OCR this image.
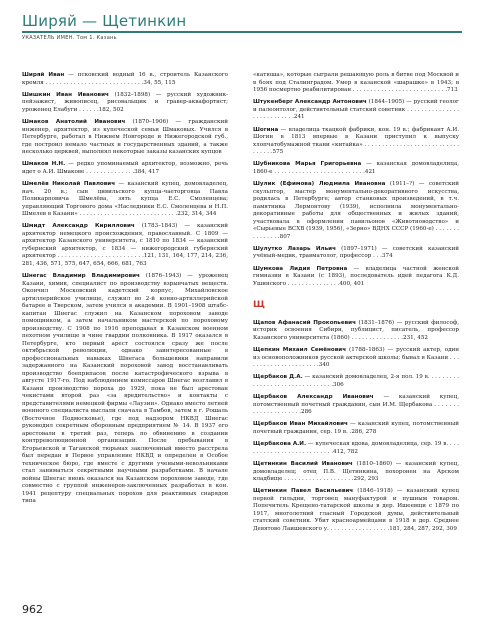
Ширяй — Щетинкин
УКАЗАТЕЛЬ ИМЕН. Том 1. Казань

Ширяй Иван — псковский водный 16 в., строитель Казанского кремля . . . . . . . . . . . . . . . . . . . . . . . . . . . .34, 55, 115

Шишкин Иван Иванович (1832–1898) — русский художник-пейзажист, живописец, рисовальщик и гравер-аквафортист; уроженец Елабуги . . . . . .182, 502

Шмаков Анатолий Иванович (1870–1906) — гражданский инженер, архитектор, из купеческой семьи Шмаковых. Учился в Петербурге, работал в Нижнем Новгороде и Нижегородской губ., где построил немало частных и государственных зданий, а также несколько церквей, выполнял некоторые заказы казанских купцов

Шмаков Н.Н. — редко упоминаемый архитектор, возможно, речь идет о А.И. Шмакове . . . . . . . . . . . . . .384, 417

Шмелёв Николай Павлович — казанский купец, домовладелец, нач. 20 в.; сын цивильского купца-чаеторговца Павла Поликарповича Шмелёва, зять купца Е.С. Смоленцева; управляющий Торгового дома «Наследники Е.С. Смоленцева и Н.П. Шмелев в Казани» . . . . . . . . . . . . . . . . . . . . . . . . . . . .232, 314, 344

Шмидт Александр Кириллович (1783–1843) — казанский архитектор немецкого происхождения, православный. С 1809 — архитектор Казанского университета, с 1810 по 1834 — казанский губернский архитектор, с 1834 — нижегородский губернский архитектор . . . . . . . . . . . . . . . . . . . . . . . .121, 131, 164, 177, 214, 236, 281, 436, 571, 575, 647, 654, 666, 681, 763

Шнегас Владимир Владимирович (1876–1943) — уроженец Казани, химик, специалист по производству взрывчатых веществ. Окончил Московский кадетский корпус, Михайловское артиллерийское училище, служил во 2-й конно-артиллерийской батарее в Тверском, затем учился в академии. В 1901–1908 штабс-капитан Шнегас служил на Казанском пороховом заводе помощником, а затем начальником мастерской по пороховому производству. С 1908 по 1916 преподавал в Казанском военном пехотном училище в чине гвардии полковника. В 1917 оказался в Петербурге, кто первый арест состоялся сразу же после октябрьской революции, однако заинтересованные в профессиональных навыках Шнегаса большевики направили задержанного на Казанский пороховой завод восстанавливать производство боеприпасов после катастрофического взрыва в августе 1917-го. Под наблюдением комиссаров Шнегас возглавил в Казани производство пороха до 1929, пока не был арестован чекистами второй раз «за вредительство» и контакты с представителями немецкой фирмы «Лаузин». Однако вместо летней военного специалиста выслали сначала в Тамбов, затем в г. Рошаль (Восточное Подмосковье), где под надзором НКВД Шнегас руководил секретным оборонным предприятием № 14. В 1937 его арестовали в третий раз, теперь по обвинению в создании контрреволюционной организации. После пребывания в Егорьевской и Таганской тюрьмах заключенный вместо расстрела был передан в Первое управление НКВД и определен в Особое техническое бюро, где вместе с другими учеными-невольниками стал заниматься секретными научными разработками. В начале войны Шнегас вновь оказался на Казанском пороховом заводе, где совместно с группой инженеров-заключенных разработал в кон. 1941 рецептуру специальных порохов для реактивных снарядов типа

«катюша», которые сыграли решающую роль в битве под Москвой и в боях под Сталинградом. Умер в казанской «шарашке» в 1943; в 1956 посмертно реабилитирован . . . . . . . . . . . . . . . . . . . . . . . . . . .713

Штукенберг Александр Антонович (1844–1905) — русский геолог и палеонтолог, действительный статский советник . . . . . . . . . . . . . . . . . . . . . . . . . . .241

Шогина — владелица ткацкой фабрики, кон. 19 в.; фабрикант А.И. Шогин в 1813 впервые в Казани приступил к выпуску хлопчатобумажной ткани «китайка» . . . . . . . . . . . . . . . . . . . . . . . . . . . . . . . . .575

Шубникова Марья Григорьевна — казанская домовладелица, 1860-е . . . . . . . . . . . . . . . . . . . . . . . . . .421

Шулик (Ефимова) Людмила Ивановна (1911–?) — советский скульптор, мастер монументально-декоративного искусства, родилась в Петербурге; автор станковых произведений, в т.ч. памятника Лермонтову (1939), исполнила монументально-декоративные работы для общественных и жилых зданий, участвовала в оформлении павильонов «Животноводство» и «Сырьевые ВСХВ (1939, 1956), «Зерно» ВДНХ СССР (1960-е) . . . . . . . . . . . . . . .807

Шулутко Лазарь Ильич (1897–1971) — советский казанский учёный-медик, травматолог, профессор . . .374

Шумкова Лидия Петровна — владелица частной женской гимназии в Казани (с 1893), последователь идей педагога К.Д. Ушинского . . . . . . . . . . . . . . .400, 401

Щ

Щапов Афанасий Прокопьевич (1831–1876) — русский философ, историк освоения Сибири, публицист, писатель, профессор Казанского университета (1860) . . . . . . . . . . . . . . .231, 452

Щепкин Михаил Семёнович (1788–1863) — русский актер, один из основоположников русской актерской школы; бывал в Казани . . . . . . . . . . . . . . . . . . . . . .340

Щербаков Д.А. — казанский домовладелец, 2-я пол. 19 в. . . . . . . . . . . . . . . . . . . . . . . . . . . . . . . .306

Щербаков Александр Иванович — казанский купец, потомственный почетный гражданин, сын И.М. Щербакова . . . . . . . . . . . . . . . . . . . . .286

Щербаков Иван Михайлович — казанский купец, потомственный почетный гражданин, сер. 19 в. .286, 278

Щербакова А.И. — купеческая вдова, домовладелица, сер. 19 в. . . . . . . . . . . . . . . . . . . . . . . . . . .412, 782

Щетинкин Василий Иванович (1810–1860) — казанский купец, домовладелец; отец П.В. Щетинкина, похоронен на Арском кладбище . . . . . . . . . . . . . . . . . . . .292, 293

Щетинкин Павел Васильевич (1846–1918) — казанский купец первой гильдии, торговец мануфактурой и пушным товаром. Попечитель Крещено-татарской школы в дер. Ишеевщи с 1879 по 1917, многолетний гласный Городской думы, действительный статский советник. Убит красноармейцами в 1918 в дер. Среднее Девятово Лаишевского у. . . . . . . . . . . . . . . . . .181, 284, 287, 292, 309

962
